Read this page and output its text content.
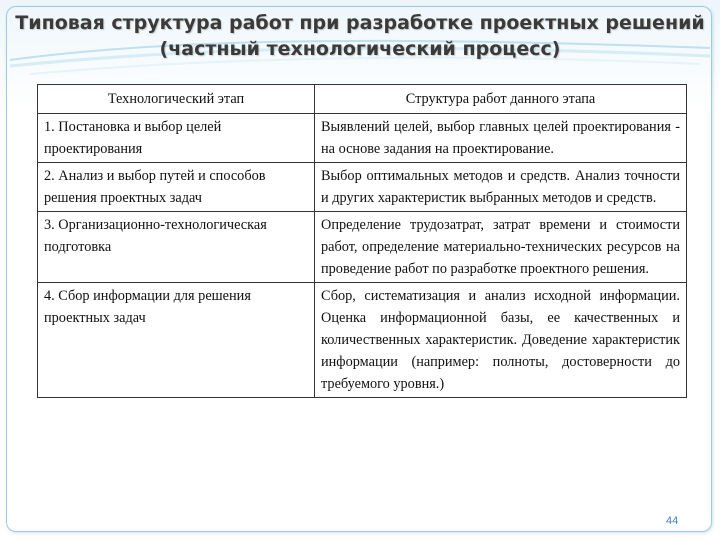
Типовая структура работ при разработке проектных решений
(частный технологический процесс)
Технологический этап	Структура работ данного этапа
1. Постановка и выбор целей проектирования	Выявлений целей, выбор главных целей проектирования - на основе задания на проектирование.
2. Анализ и выбор путей и способов решения проектных задач	Выбор оптимальных методов и средств. Анализ точности и других характеристик выбранных методов и средств.
3. Организационно-технологическая подготовка	Определение трудозатрат, затрат времени и стоимости работ, определение материально-технических ресурсов на проведение работ по разработке проектного решения.
4. Сбор информации для решения проектных задач	Сбор, систематизация и анализ исходной информации. Оценка информационной базы, ее качественных и количественных характеристик. Доведение характеристик информации (например: полноты, достоверности до требуемого уровня.)
44
